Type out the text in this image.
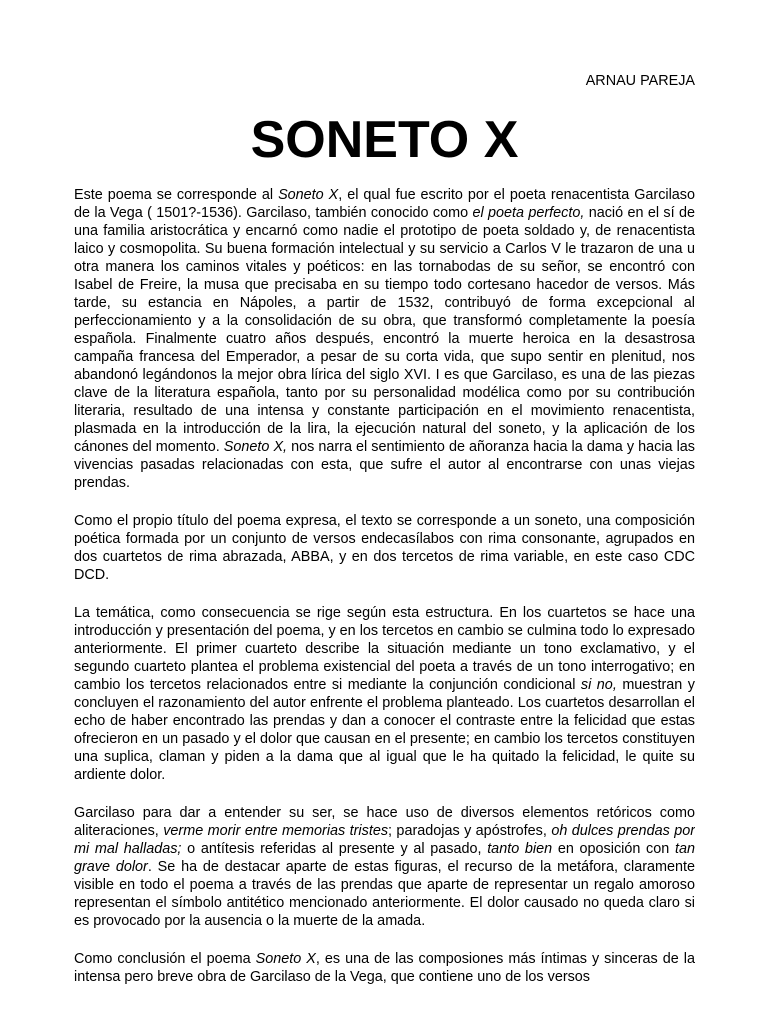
ARNAU PAREJA
SONETO X

Este poema se corresponde al Soneto X, el qual fue escrito por el poeta renacentista Garcilaso de la Vega ( 1501?-1536). Garcilaso, también conocido como el poeta perfecto, nació en el sí de una familia aristocrática y encarnó como nadie el prototipo de poeta soldado y, de renacentista laico y cosmopolita. Su buena formación intelectual y su servicio a Carlos V le trazaron de una u otra manera los caminos vitales y poéticos: en las tornabodas de su señor, se encontró con Isabel de Freire, la musa que precisaba en su tiempo todo cortesano hacedor de versos. Más tarde, su estancia en Nápoles, a partir de 1532, contribuyó de forma excepcional al perfeccionamiento y a la consolidación de su obra, que transformó completamente la poesía española. Finalmente cuatro años después, encontró la muerte heroica en la desastrosa campaña francesa del Emperador, a pesar de su corta vida, que supo sentir en plenitud, nos abandonó legándonos la mejor obra lírica del siglo XVI. I es que Garcilaso, es una de las piezas clave de la literatura española, tanto por su personalidad modélica como por su contribución literaria, resultado de una intensa y constante participación en el movimiento renacentista, plasmada en la introducción de la lira, la ejecución natural del soneto, y la aplicación de los cánones del momento. Soneto X, nos narra el sentimiento de añoranza hacia la dama y hacia las vivencias pasadas relacionadas con esta, que sufre el autor al encontrarse con unas viejas prendas.

Como el propio título del poema expresa, el texto se corresponde a un soneto, una composición poética formada por un conjunto de versos endecasílabos con rima consonante, agrupados en dos cuartetos de rima abrazada, ABBA, y en dos tercetos de rima variable, en este caso CDC DCD.

La temática, como consecuencia se rige según esta estructura. En los cuartetos se hace una introducción y presentación del poema, y en los tercetos en cambio se culmina todo lo expresado anteriormente. El primer cuarteto describe la situación mediante un tono exclamativo, y el segundo cuarteto plantea el problema existencial del poeta a través de un tono interrogativo; en cambio los tercetos relacionados entre si mediante la conjunción condicional si no, muestran y concluyen el razonamiento del autor enfrente el problema planteado. Los cuartetos desarrollan el echo de haber encontrado las prendas y dan a conocer el contraste entre la felicidad que estas ofrecieron en un pasado y el dolor que causan en el presente; en cambio los tercetos constituyen una suplica, claman y piden a la dama que al igual que le ha quitado la felicidad, le quite su ardiente dolor.

Garcilaso para dar a entender su ser, se hace uso de diversos elementos retóricos como aliteraciones, verme morir entre memorias tristes; paradojas y apóstrofes, oh dulces prendas por mi mal halladas; o antítesis referidas al presente y al pasado, tanto bien en oposición con tan grave dolor. Se ha de destacar aparte de estas figuras, el recurso de la metáfora, claramente visible en todo el poema a través de las prendas que aparte de representar un regalo amoroso representan el símbolo antitético mencionado anteriormente. El dolor causado no queda claro si es provocado por la ausencia o la muerte de la amada.

Como conclusión el poema Soneto X, es una de las composiones más íntimas y sinceras de la intensa pero breve obra de Garcilaso de la Vega, que contiene uno de los versos
